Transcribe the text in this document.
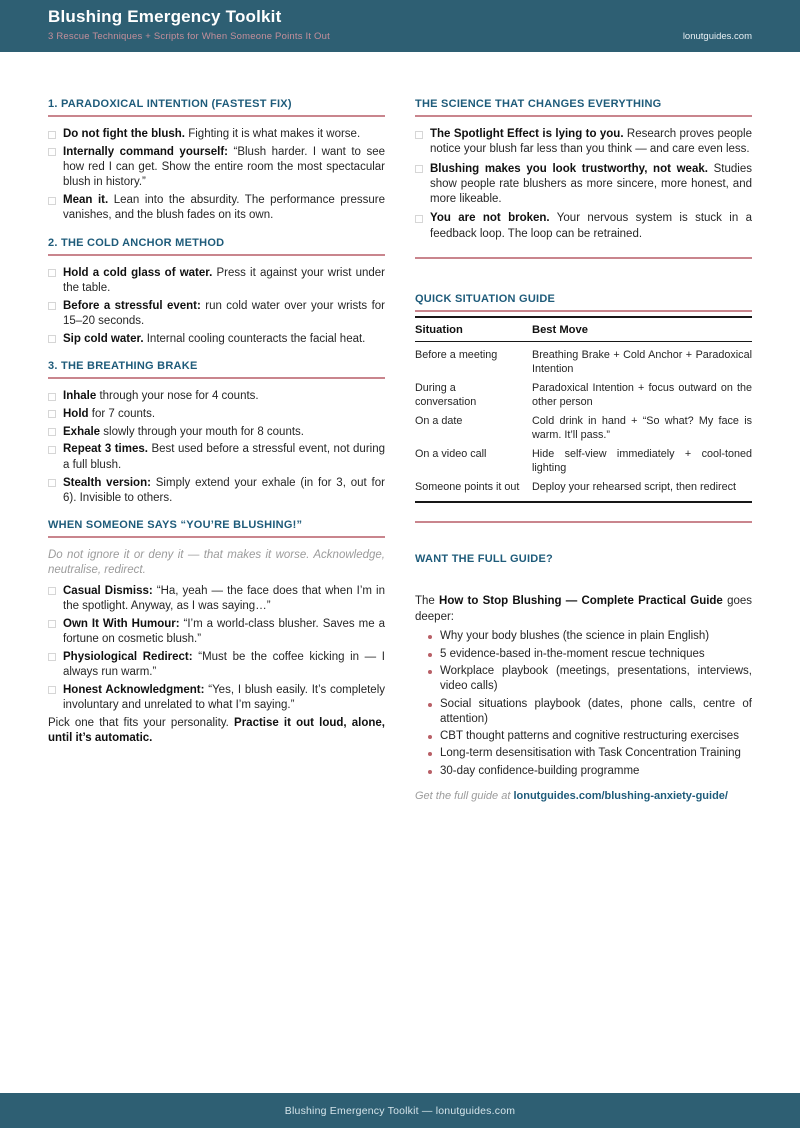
Blushing Emergency Toolkit
3 Rescue Techniques + Scripts for When Someone Points It Out	lonutguides.com
1. PARADOXICAL INTENTION (FASTEST FIX)

Do not fight the blush. Fighting it is what makes it worse.

Internally command yourself: “Blush harder. I want to see how red I can get. Show the entire room the most spectacular blush in history.”

Mean it. Lean into the absurdity. The performance pressure vanishes, and the blush fades on its own.

2. THE COLD ANCHOR METHOD

Hold a cold glass of water. Press it against your wrist under the table.

Before a stressful event: run cold water over your wrists for 15–20 seconds.

Sip cold water. Internal cooling counteracts the facial heat.

3. THE BREATHING BRAKE

Inhale through your nose for 4 counts.

Hold for 7 counts.

Exhale slowly through your mouth for 8 counts.

Repeat 3 times. Best used before a stressful event, not during a full blush.

Stealth version: Simply extend your exhale (in for 3, out for 6). Invisible to others.

WHEN SOMEONE SAYS “YOU’RE BLUSHING!”

Do not ignore it or deny it — that makes it worse. Acknowledge, neutralise, redirect.

Casual Dismiss: “Ha, yeah — the face does that when I’m in the spotlight. Anyway, as I was saying…”

Own It With Humour: “I’m a world-class blusher. Saves me a fortune on cosmetic blush.”

Physiological Redirect: “Must be the coffee kicking in — I always run warm.”

Honest Acknowledgment: “Yes, I blush easily. It’s completely involuntary and unrelated to what I’m saying.”

Pick one that fits your personality. Practise it out loud, alone, until it’s automatic.

THE SCIENCE THAT CHANGES EVERYTHING

The Spotlight Effect is lying to you. Research proves people notice your blush far less than you think — and care even less.

Blushing makes you look trustworthy, not weak. Studies show people rate blushers as more sincere, more honest, and more likeable.

You are not broken. Your nervous system is stuck in a feedback loop. The loop can be retrained.

QUICK SITUATION GUIDE
Situation	Best Move
Before a meeting	Breathing Brake + Cold Anchor + Paradoxical Intention
During a conversation	Paradoxical Intention + focus outward on the other person
On a date	Cold drink in hand + “So what? My face is warm. It’ll pass.”
On a video call	Hide self-view immediately + cool-toned lighting
Someone points it out	Deploy your rehearsed script, then redirect
WANT THE FULL GUIDE?

The How to Stop Blushing — Complete Practical Guide goes deeper:

Why your body blushes (the science in plain English)
5 evidence-based in-the-moment rescue techniques
Workplace playbook (meetings, presentations, interviews, video calls)
Social situations playbook (dates, phone calls, centre of attention)
CBT thought patterns and cognitive restructuring exercises
Long-term desensitisation with Task Concentration Training
30-day confidence-building programme

Get the full guide at lonutguides.com/blushing-anxiety-guide/

Blushing Emergency Toolkit — lonutguides.com
